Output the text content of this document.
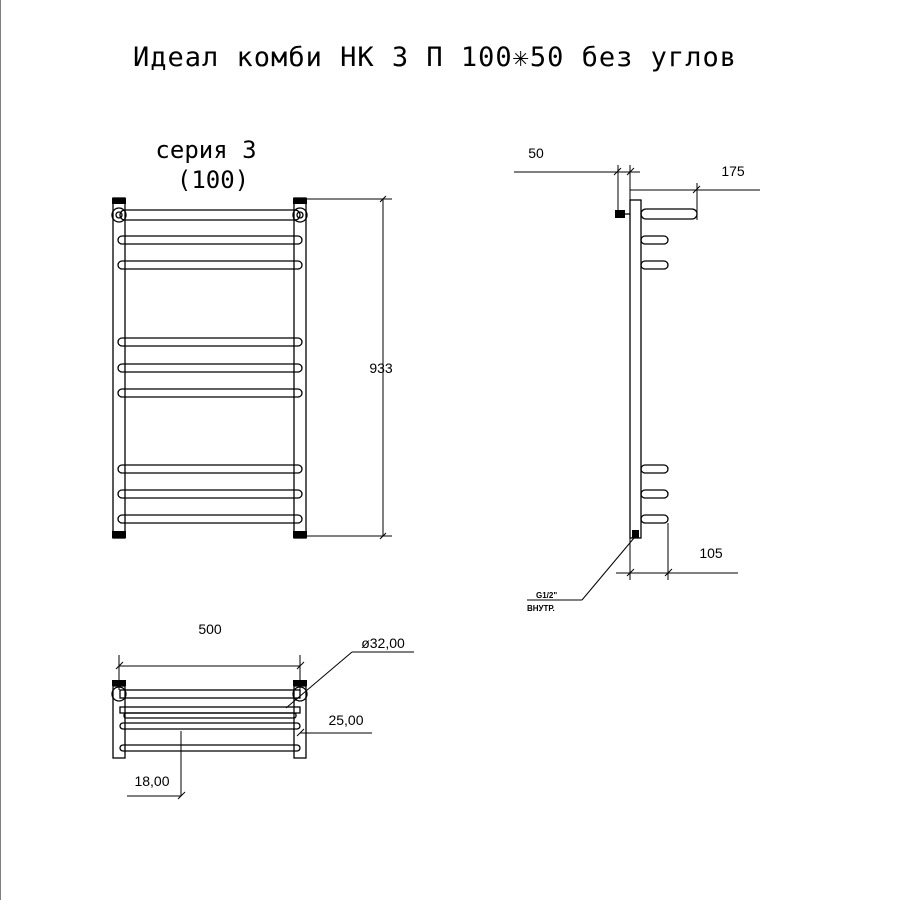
Идеал комби НК 3 П 100✳50 без углов
серия 3
(100)
933
50
175
105
G1/2"
ВНУТР.
500
ø32,00
25,00
18,00
